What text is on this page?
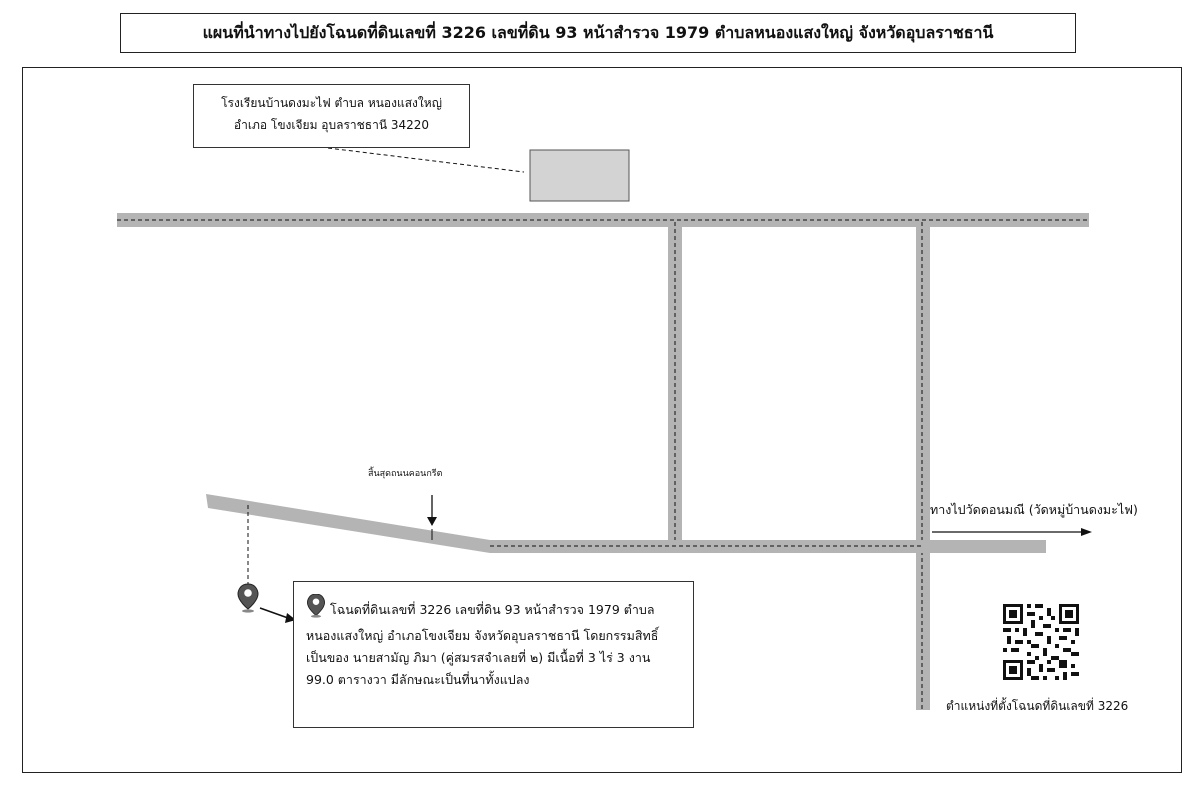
แผนที่นำทางไปยังโฉนดที่ดินเลขที่ 3226 เลขที่ดิน 93 หน้าสำรวจ 1979 ตำบลหนองแสงใหญ่ จังหวัดอุบลราชธานี
โรงเรียนบ้านดงมะไฟ ตำบล หนองแสงใหญ่
อำเภอ โขงเจียม อุบลราชธานี 34220
สิ้นสุดถนนคอนกรีต
ทางไปวัดดอนมณี (วัดหมู่บ้านดงมะไฟ)
โฉนดที่ดินเลขที่ 3226 เลขที่ดิน 93 หน้าสำรวจ 1979 ตำบล
หนองแสงใหญ่ อำเภอโขงเจียม จังหวัดอุบลราชธานี โดยกรรมสิทธิ์
เป็นของ นายสามัญ ภิมา (คู่สมรสจำเลยที่ ๒) มีเนื้อที่ 3 ไร่ 3 งาน
99.0 ตารางวา มีลักษณะเป็นที่นาทั้งแปลง
ตำแหน่งที่ตั้งโฉนดที่ดินเลขที่ 3226
